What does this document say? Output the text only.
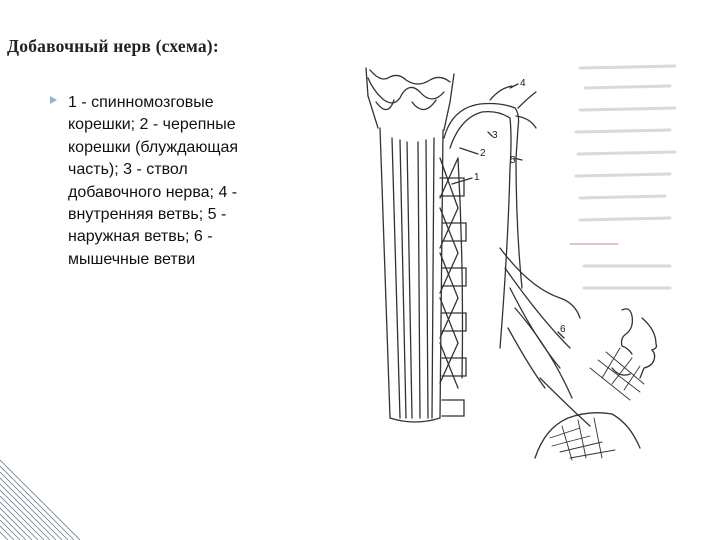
Добавочный нерв (схема):
1 - спинномозговые корешки; 2 - черепные корешки (блуждающая часть); 3 - ствол добавочного нерва; 4 - внутренняя ветвь; 5 - наружная ветвь; 6 - мышечные ветви
1
2
3
4
5
6
